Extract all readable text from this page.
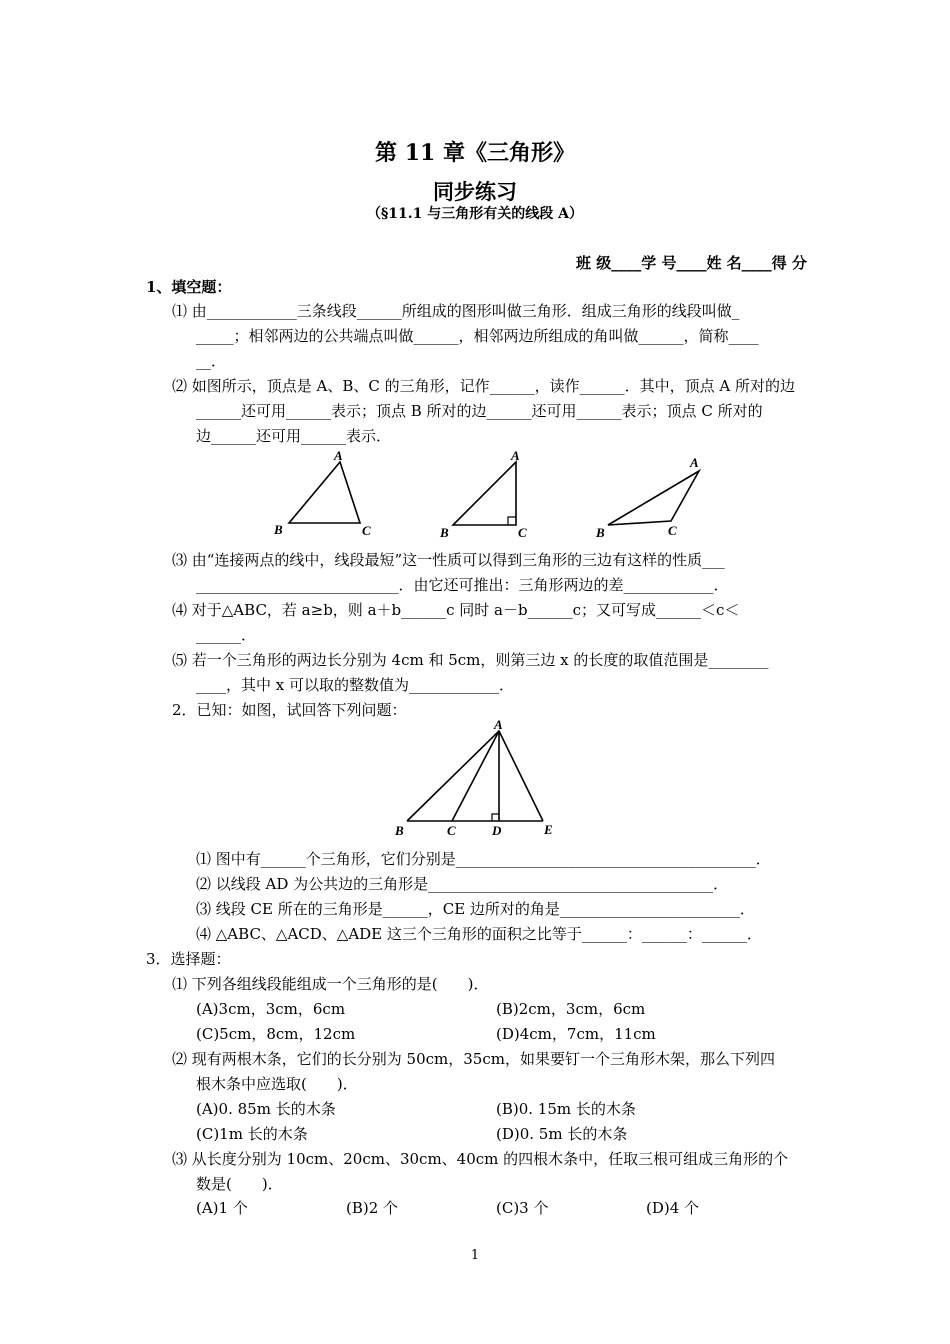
第 11 章《三角形》
同步练习
（§11.1 与三角形有关的线段 A）
班 级____学 号____姓 名____得 分
1、填空题：
⑴ 由____________三条线段______所组成的图形叫做三角形．组成三角形的线段叫做_
_____；相邻两边的公共端点叫做______，相邻两边所组成的角叫做______，简称____
__．
⑵ 如图所示，顶点是 A、B、C 的三角形，记作______，读作______．其中，顶点 A 所对的边
______还可用______表示；顶点 B 所对的边______还可用______表示；顶点 C 所对的
边______还可用______表示．
A
B	C
A
B	C
A
B	C
⑶ 由“连接两点的线中，线段最短”这一性质可以得到三角形的三边有这样的性质___
___________________________．由它还可推出：三角形两边的差____________．
⑷ 对于△ABC，若 a≥b，则 a＋b______c 同时 a－b______c；又可写成______＜c＜
______．
⑸ 若一个三角形的两边长分别为 4cm 和 5cm，则第三边 x 的长度的取值范围是________
____，其中 x 可以取的整数值为____________．
2．已知：如图，试回答下列问题：
A
B	C	D	E
⑴ 图中有______个三角形，它们分别是________________________________________．
⑵ 以线段 AD 为公共边的三角形是______________________________________．
⑶ 线段 CE 所在的三角形是______，CE 边所对的角是________________________．
⑷ △ABC、△ACD、△ADE 这三个三角形的面积之比等于______：______：______．
3．选择题：
⑴ 下列各组线段能组成一个三角形的是(　　)．
(A)3cm，3cm，6cm	(B)2cm，3cm，6cm
(C)5cm，8cm，12cm	(D)4cm，7cm，11cm
⑵ 现有两根木条，它们的长分别为 50cm，35cm，如果要钉一个三角形木架，那么下列四
根木条中应选取(　　)．
(A)0. 85m 长的木条	(B)0. 15m 长的木条
(C)1m 长的木条	(D)0. 5m 长的木条
⑶ 从长度分别为 10cm、20cm、30cm、40cm 的四根木条中，任取三根可组成三角形的个
数是(　　)．
(A)1 个	(B)2 个	(C)3 个	(D)4 个
1
